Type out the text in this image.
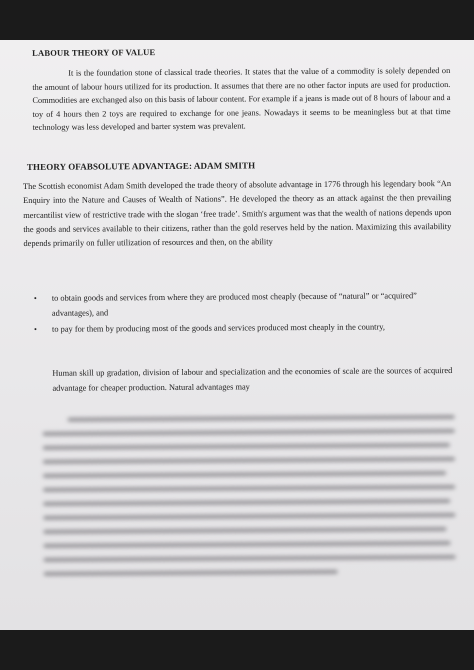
LABOUR THEORY OF VALUE
It is the foundation stone of classical trade theories. It states that the value of a commodity is solely depended on the amount of labour hours utilized for its production. It assumes that there are no other factor inputs are used for production. Commodities are exchanged also on this basis of labour content. For example if a jeans is made out of 8 hours of labour and a toy of 4 hours then 2 toys are required to exchange for one jeans. Nowadays it seems to be meaningless but at that time technology was less developed and barter system was prevalent.
THEORY OFABSOLUTE ADVANTAGE: ADAM SMITH
The Scottish economist Adam Smith developed the trade theory of absolute advantage in 1776 through his legendary book “An Enquiry into the Nature and Causes of Wealth of Nations”. He developed the theory as an attack against the then prevailing mercantilist view of restrictive trade with the slogan ‘free trade’. Smith's argument was that the wealth of nations depends upon the goods and services available to their citizens, rather than the gold reserves held by the nation. Maximizing this availability depends primarily on fuller utilization of resources and then, on the ability
• to obtain goods and services from where they are produced most cheaply (because of “natural” or “acquired” advantages), and
• to pay for them by producing most of the goods and services produced most cheaply in the country,
Human skill up gradation, division of labour and specialization and the economies of scale are the sources of acquired advantage for cheaper production. Natural advantages may
